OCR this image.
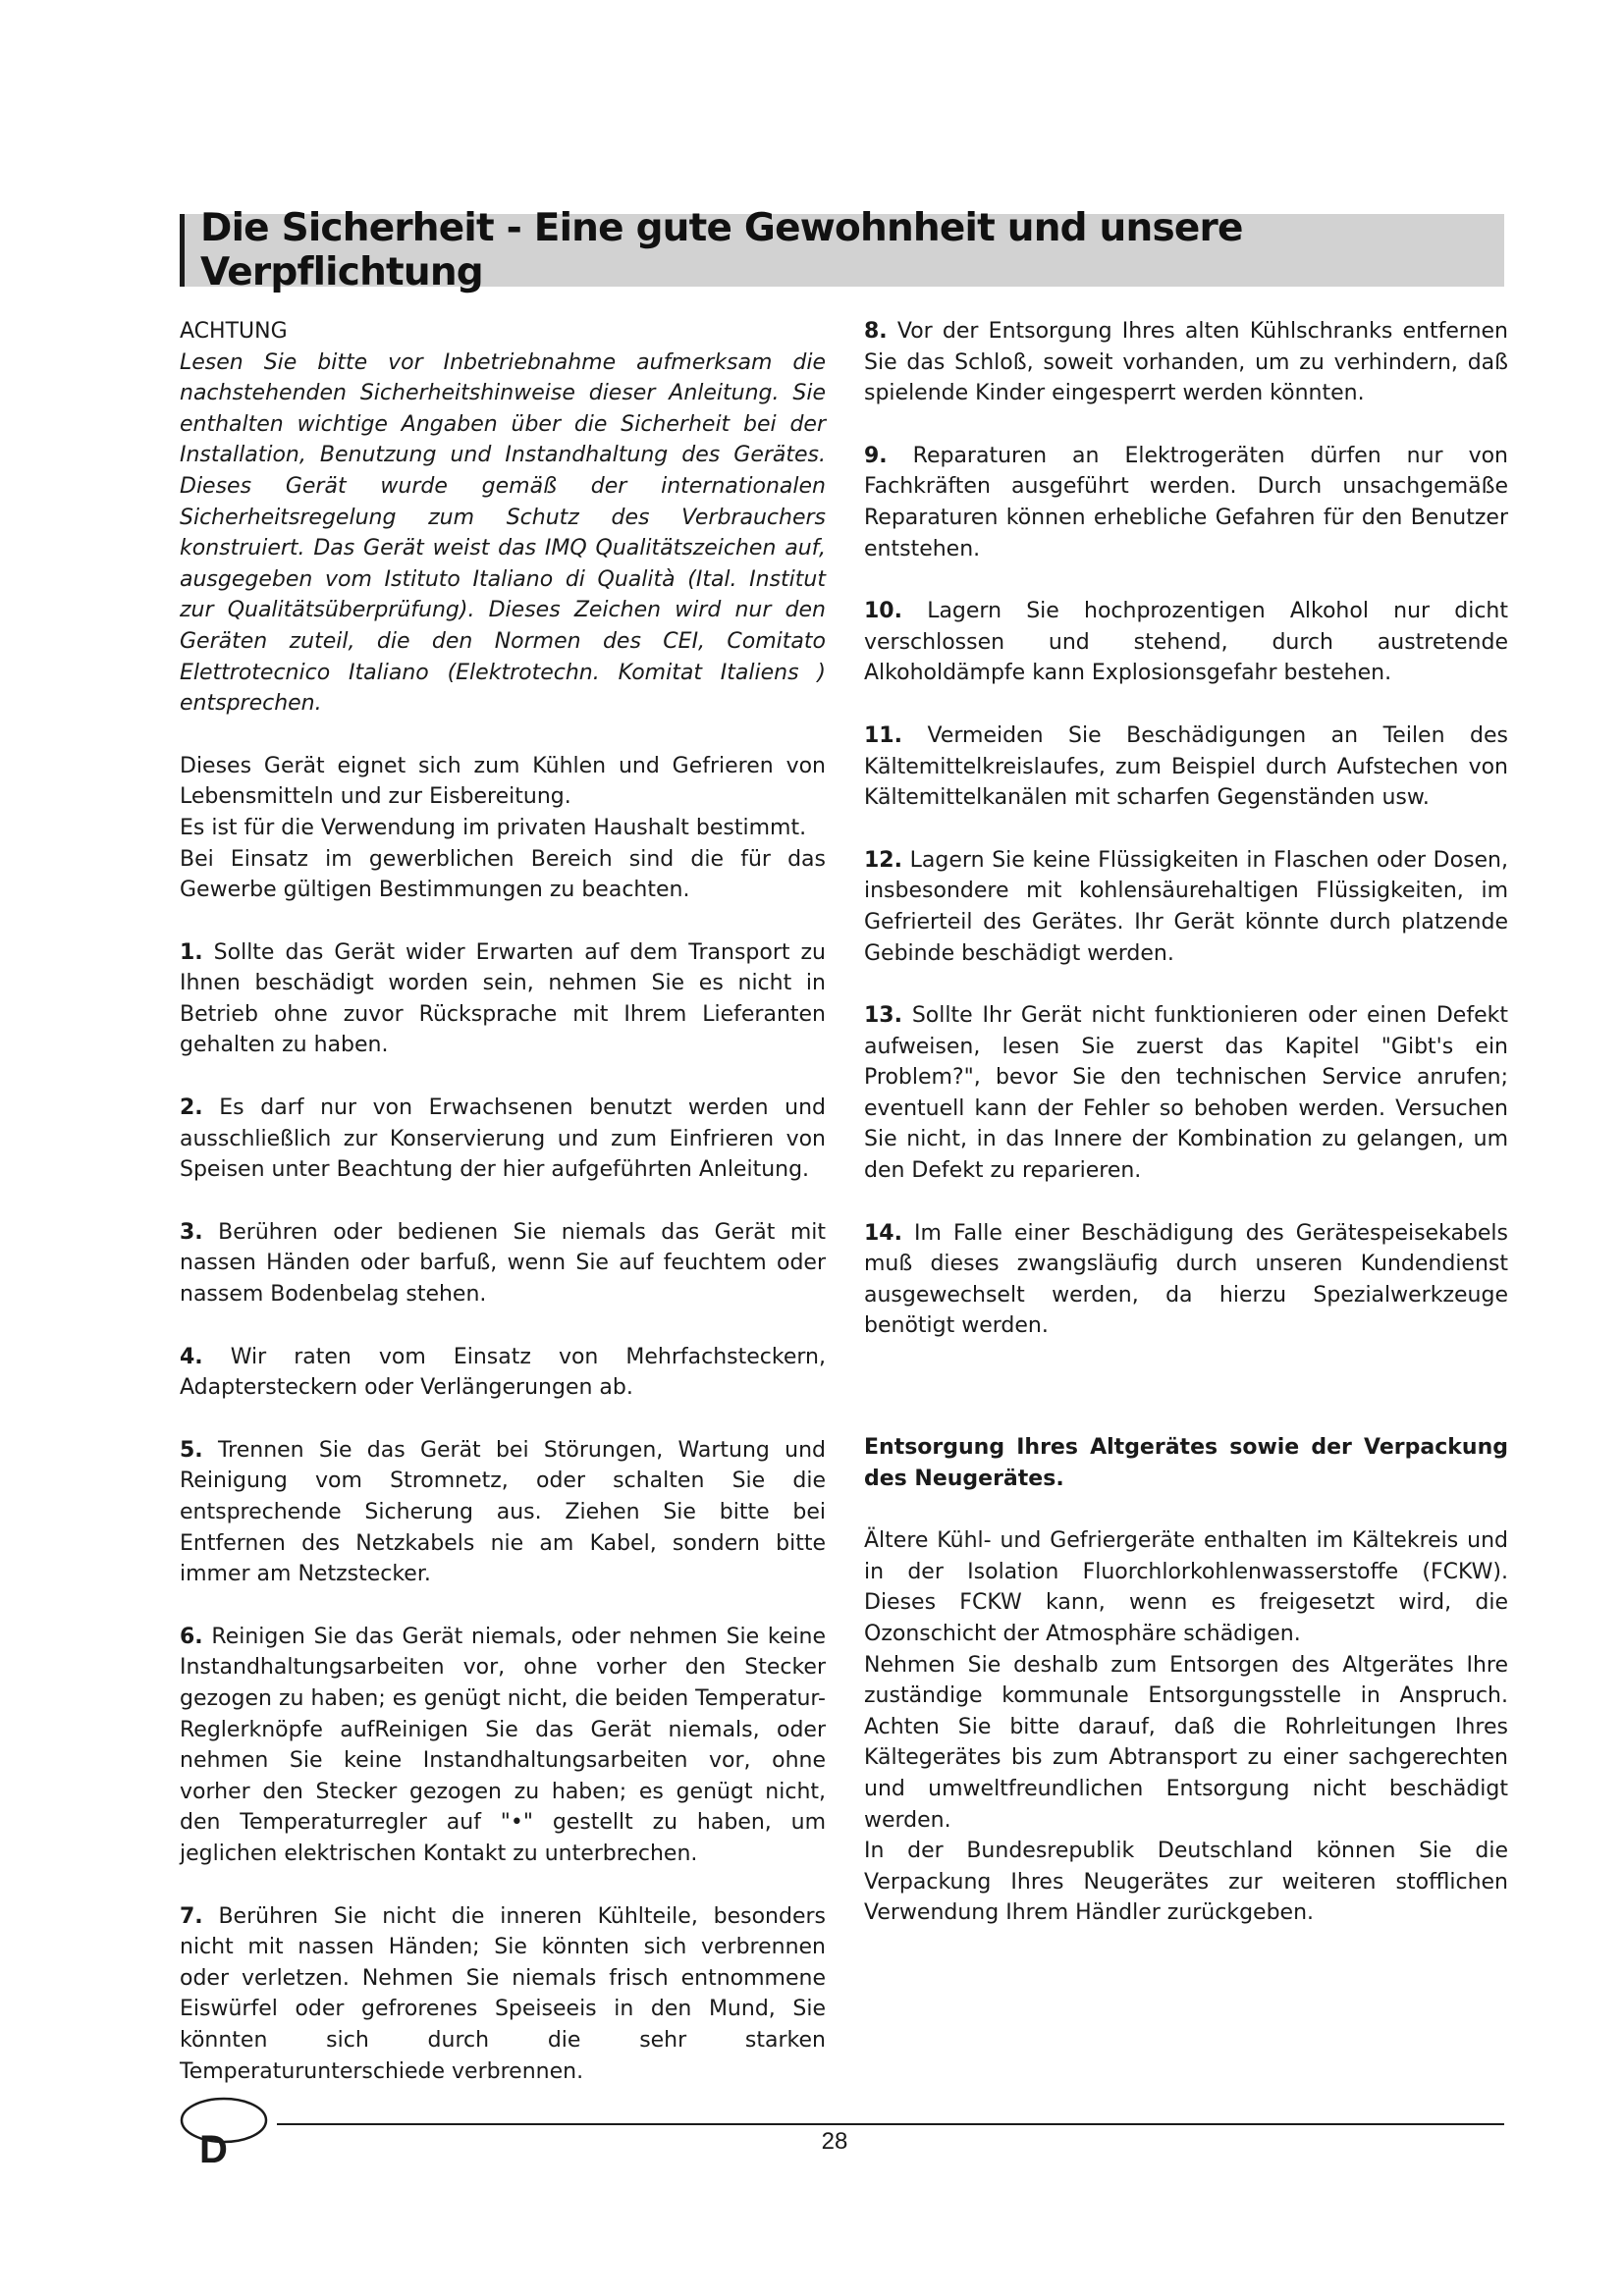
Die Sicherheit - Eine gute Gewohnheit und unsere Verpflichtung

ACHTUNG

Lesen Sie bitte vor Inbetriebnahme aufmerksam die nachstehenden Sicherheitshinweise dieser Anleitung. Sie enthalten wichtige Angaben über die Sicherheit bei der Installation, Benutzung und Instandhaltung des Gerätes. Dieses Gerät wurde gemäß der internationalen Sicherheitsregelung zum Schutz des Verbrauchers konstruiert. Das Gerät weist das IMQ Qualitätszeichen auf, ausgegeben vom Istituto Italiano di Qualità (Ital. Institut zur Qualitätsüberprüfung). Dieses Zeichen wird nur den Geräten zuteil, die den Normen des CEI, Comitato Elettrotecnico Italiano (Elektrotechn. Komitat Italiens ) entsprechen.

Dieses Gerät eignet sich zum Kühlen und Gefrieren von Lebensmitteln und zur Eisbereitung.

Es ist für die Verwendung im privaten Haushalt bestimmt.

Bei Einsatz im gewerblichen Bereich sind die für das Gewerbe gültigen Bestimmungen zu beachten.

1. Sollte das Gerät wider Erwarten auf dem Transport zu Ihnen beschädigt worden sein, nehmen Sie es nicht in Betrieb ohne zuvor Rücksprache mit Ihrem Lieferanten gehalten zu haben.

2. Es darf nur von Erwachsenen benutzt werden und ausschließlich zur Konservierung und zum Einfrieren von Speisen unter Beachtung der hier aufgeführten Anleitung.

3. Berühren oder bedienen Sie niemals das Gerät mit nassen Händen oder barfuß, wenn Sie auf feuchtem oder nassem Bodenbelag stehen.

4. Wir raten vom Einsatz von Mehrfachsteckern, Adaptersteckern oder Verlängerungen ab.

5. Trennen Sie das Gerät bei Störungen, Wartung und Reinigung vom Stromnetz, oder schalten Sie die entsprechende Sicherung aus. Ziehen Sie bitte bei Entfernen des Netzkabels nie am Kabel, sondern bitte immer am Netzstecker.

6. Reinigen Sie das Gerät niemals, oder nehmen Sie keine Instandhaltungsarbeiten vor, ohne vorher den Stecker gezogen zu haben; es genügt nicht, die beiden Temperatur-Reglerknöpfe aufReinigen Sie das Gerät niemals, oder nehmen Sie keine Instandhaltungsarbeiten vor, ohne vorher den Stecker gezogen zu haben; es genügt nicht, den Temperaturregler auf "•" gestellt zu haben, um jeglichen elektrischen Kontakt zu unterbrechen.

7. Berühren Sie nicht die inneren Kühlteile, besonders nicht mit nassen Händen; Sie könnten sich verbrennen oder verletzen. Nehmen Sie niemals frisch entnommene Eiswürfel oder gefrorenes Speiseeis in den Mund, Sie könnten sich durch die sehr starken Temperaturunterschiede verbrennen.

8. Vor der Entsorgung Ihres alten Kühlschranks entfernen Sie das Schloß, soweit vorhanden, um zu verhindern, daß spielende Kinder eingesperrt werden könnten.

9. Reparaturen an Elektrogeräten dürfen nur von Fachkräften ausgeführt werden. Durch unsachgemäße Reparaturen können erhebliche Gefahren für den Benutzer entstehen.

10. Lagern Sie hochprozentigen Alkohol nur dicht verschlossen und stehend, durch austretende Alkoholdämpfe kann Explosionsgefahr bestehen.

11. Vermeiden Sie Beschädigungen an Teilen des Kältemittelkreislaufes, zum Beispiel durch Aufstechen von Kältemittelkanälen mit scharfen Gegenständen usw.

12. Lagern Sie keine Flüssigkeiten in Flaschen oder Dosen, insbesondere mit kohlensäurehaltigen Flüssigkeiten, im Gefrierteil des Gerätes. Ihr Gerät könnte durch platzende Gebinde beschädigt werden.

13. Sollte Ihr Gerät nicht funktionieren oder einen Defekt aufweisen, lesen Sie zuerst das Kapitel "Gibt's ein Problem?", bevor Sie den technischen Service anrufen; eventuell kann der Fehler so behoben werden. Versuchen Sie nicht, in das Innere der Kombination zu gelangen, um den Defekt zu reparieren.

14. Im Falle einer Beschädigung des Gerätespeisekabels muß dieses zwangsläufig durch unseren Kundendienst ausgewechselt werden, da hierzu Spezialwerkzeuge benötigt werden.

Entsorgung Ihres Altgerätes sowie der Verpackung des Neugerätes.

Ältere Kühl- und Gefriergeräte enthalten im Kältekreis und in der Isolation Fluorchlorkohlenwasserstoffe (FCKW). Dieses FCKW kann, wenn es freigesetzt wird, die Ozonschicht der Atmosphäre schädigen.

Nehmen Sie deshalb zum Entsorgen des Altgerätes Ihre zuständige kommunale Entsorgungsstelle in Anspruch. Achten Sie bitte darauf, daß die Rohrleitungen Ihres Kältegerätes bis zum Abtransport zu einer sachgerechten und umweltfreundlichen Entsorgung nicht beschädigt werden.

In der Bundesrepublik Deutschland können Sie die Verpackung Ihres Neugerätes zur weiteren stofflichen Verwendung Ihrem Händler zurückgeben.

D	28
